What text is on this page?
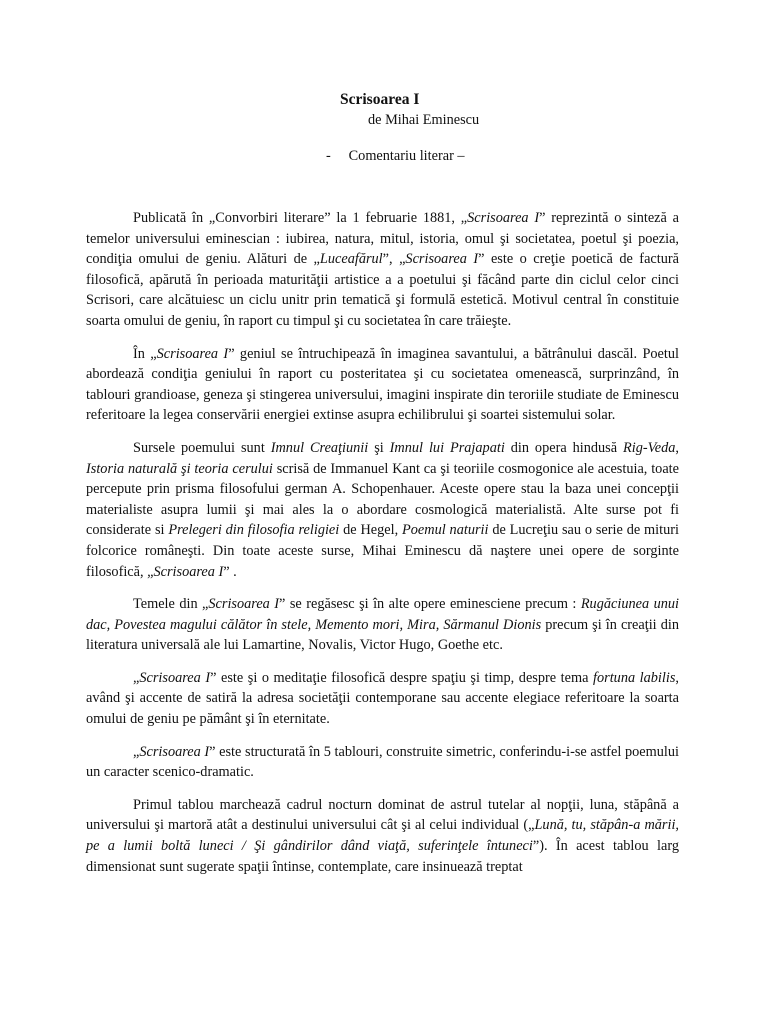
Scrisoarea I
de Mihai Eminescu
-     Comentariu literar –

Publicată în „Convorbiri literare” la 1 februarie 1881, „Scrisoarea I” reprezintă o sinteză a temelor universului eminescian : iubirea, natura, mitul, istoria, omul şi societatea, poetul şi poezia, condiţia omului de geniu. Alături de „Luceafărul”, „Scrisoarea I” este o creţie poetică de factură filosofică, apărută în perioada maturităţii artistice a a poetului şi făcând parte din ciclul celor cinci Scrisori, care alcătuiesc un ciclu unitr prin tematică şi formulă estetică. Motivul central în constituie soarta omului de geniu, în raport cu timpul şi cu societatea în care trăieşte.

În „Scrisoarea I” geniul se întruchipează în imaginea savantului, a bătrânului dascăl. Poetul abordează condiţia geniului în raport cu posteritatea şi cu societatea omenească, surprinzând, în tablouri grandioase, geneza şi stingerea universului, imagini inspirate din teroriile studiate de Eminescu referitoare la legea conservării energiei extinse asupra echilibrului şi soartei sistemului solar.

Sursele poemului sunt Imnul Creaţiunii şi Imnul lui Prajapati din opera hindusă Rig-Veda, Istoria naturală şi teoria cerului scrisă de Immanuel Kant ca şi teoriile cosmogonice ale acestuia, toate percepute prin prisma filosofului german A. Schopenhauer. Aceste opere stau la baza unei concepţii materialiste asupra lumii şi mai ales la o abordare cosmologică materialistă. Alte surse pot fi considerate si Prelegeri din filosofia religiei de Hegel, Poemul naturii de Lucreţiu sau o serie de mituri folcorice româneşti. Din toate aceste surse, Mihai Eminescu dă naştere unei opere de sorginte filosofică, „Scrisoarea I” .

Temele din „Scrisoarea I” se regăsesc şi în alte opere eminesciene precum : Rugăciunea unui dac, Povestea magului călător în stele, Memento mori, Mira, Sărmanul Dionis precum şi în creaţii din literatura universală ale lui Lamartine, Novalis, Victor Hugo, Goethe etc.

„Scrisoarea I” este şi o meditaţie filosofică despre spaţiu şi timp, despre tema fortuna labilis, având şi accente de satiră la adresa societăţii contemporane sau accente elegiace referitoare la soarta omului de geniu pe pământ şi în eternitate.

„Scrisoarea I” este structurată în 5 tablouri, construite simetric, conferindu-i-se astfel poemului un caracter scenico-dramatic.

Primul tablou marchează cadrul nocturn dominat de astrul tutelar al nopţii, luna, stăpână a universului şi martoră atât a destinului universului cât şi al celui individual („Lună, tu, stăpân-a mării, pe a lumii boltă luneci / Şi gândirilor dând viaţă, suferinţele întunecі”). În acest tablou larg dimensionat sunt sugerate spaţii întinse, contemplate, care insinuează treptat
